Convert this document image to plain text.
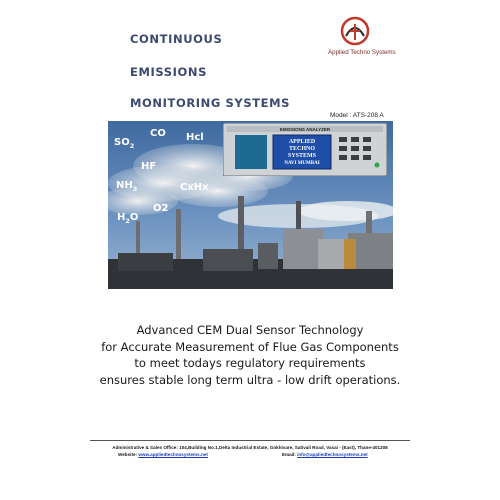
CONTINUOUS
EMISSIONS
MONITORING SYSTEMS
Applied Techno Systems
Model : ATS-208 A
$SO_2$
CO Hcl
HF
$NH_3$	CxHx
O2
$H_2O$
EMISSIONS ANALYZER
APPLIED
TECHNO
SYSTEMS
NAVI MUMBAI
Advanced CEM Dual Sensor Technology
for Accurate Measurement of Flue Gas Components
to meet todays regulatory requirements
ensures stable long term ultra - low drift operations.
Administrative & Sales Office: 104,Building No.1,Delta Industrial Estate, Gokhivare, Sativali Road, Vasai - (East), Thane-401208
Website: www.appliedtechnosystems.net	Email: info@appliedtechnosystems.net
